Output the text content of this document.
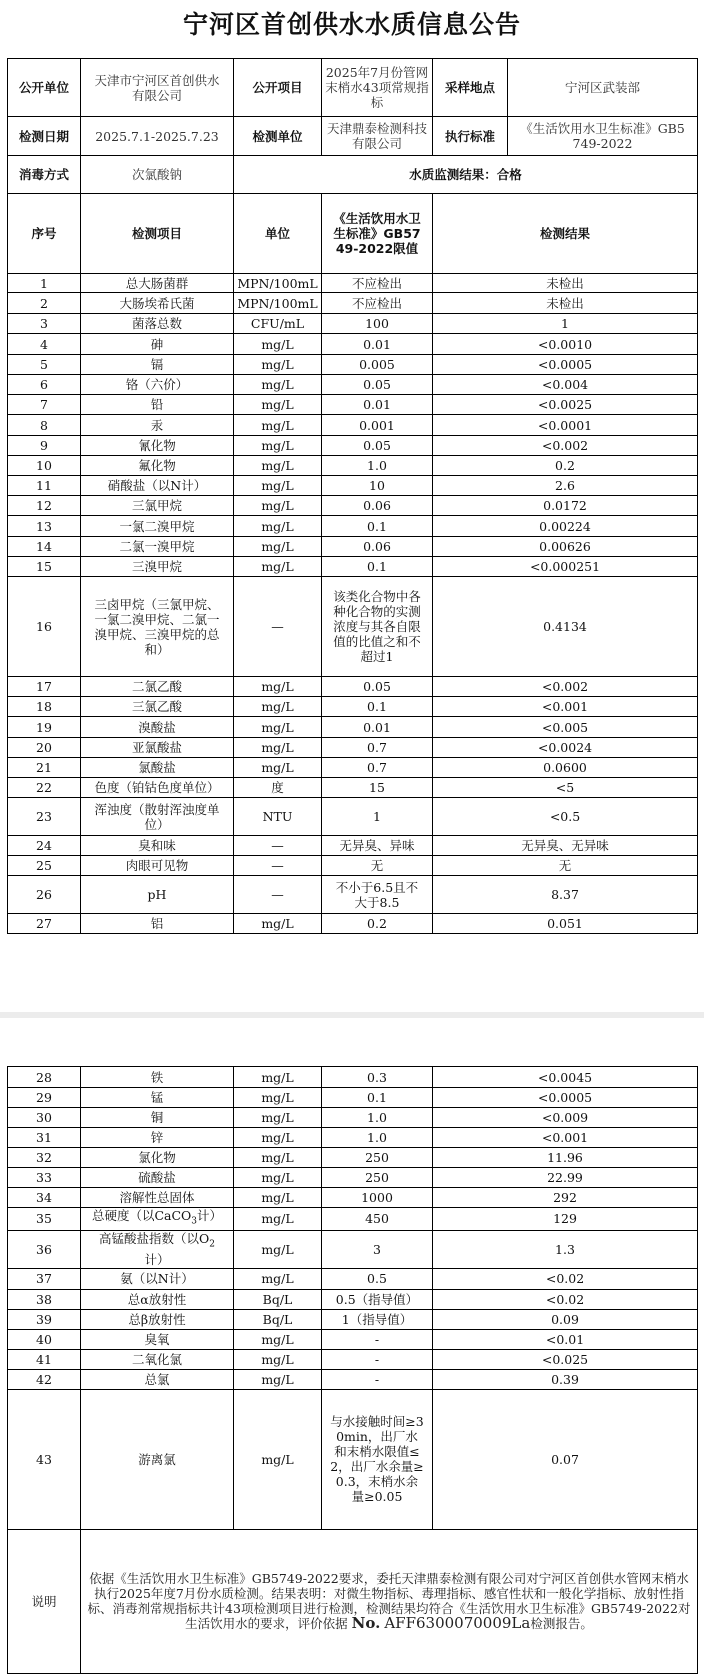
宁河区首创供水水质信息公告
公开单位	天津市宁河区首创供水有限公司	公开项目	2025年7月份管网末梢水43项常规指标	采样地点	宁河区武装部
检测日期	2025.7.1-2025.7.23	检测单位	天津鼎泰检测科技有限公司	执行标准	《生活饮用水卫生标准》GB5749-2022
消毒方式	次氯酸钠	水质监测结果：合格			
序号	检测项目	单位	《生活饮用水卫生标准》GB5749-2022限值	检测结果	
1	总大肠菌群	MPN/100mL	不应检出	未检出	
2	大肠埃希氏菌	MPN/100mL	不应检出	未检出	
3	菌落总数	CFU/mL	100	1	
4	砷	mg/L	0.01	<0.0010	
5	镉	mg/L	0.005	<0.0005	
6	铬（六价）	mg/L	0.05	<0.004	
7	铅	mg/L	0.01	<0.0025	
8	汞	mg/L	0.001	<0.0001	
9	氰化物	mg/L	0.05	<0.002	
10	氟化物	mg/L	1.0	0.2	
11	硝酸盐（以N计）	mg/L	10	2.6	
12	三氯甲烷	mg/L	0.06	0.0172	
13	一氯二溴甲烷	mg/L	0.1	0.00224	
14	二氯一溴甲烷	mg/L	0.06	0.00626	
15	三溴甲烷	mg/L	0.1	<0.000251	
16	三卤甲烷（三氯甲烷、一氯二溴甲烷、二氯一溴甲烷、三溴甲烷的总和）	—	该类化合物中各种化合物的实测浓度与其各自限值的比值之和不超过1	0.4134	
17	二氯乙酸	mg/L	0.05	<0.002	
18	三氯乙酸	mg/L	0.1	<0.001	
19	溴酸盐	mg/L	0.01	<0.005	
20	亚氯酸盐	mg/L	0.7	<0.0024	
21	氯酸盐	mg/L	0.7	0.0600	
22	色度（铂钴色度单位）	度	15	<5	
23	浑浊度（散射浑浊度单位）	NTU	1	<0.5	
24	臭和味	—	无异臭、异味	无异臭、无异味	
25	肉眼可见物	—	无	无	
26	pH	—	不小于6.5且不大于8.5	8.37	
27	铝	mg/L	0.2	0.051	
28	铁	mg/L	0.3	<0.0045
29	锰	mg/L	0.1	<0.0005
30	铜	mg/L	1.0	<0.009
31	锌	mg/L	1.0	<0.001
32	氯化物	mg/L	250	11.96
33	硫酸盐	mg/L	250	22.99
34	溶解性总固体	mg/L	1000	292
35	总硬度（以CaCO$_3$计）	mg/L	450	129
36	高锰酸盐指数（以$O_2$计）	mg/L	3	1.3
37	氨（以N计）	mg/L	0.5	<0.02
38	总α放射性	Bq/L	0.5（指导值）	<0.02
39	总β放射性	Bq/L	1（指导值）	0.09
40	臭氧	mg/L	-	<0.01
41	二氧化氯	mg/L	-	<0.025
42	总氯	mg/L	-	0.39
43	游离氯	mg/L	与水接触时间≥30min，出厂水和末梢水限值≤2，出厂水余量≥0.3，末梢水余量≥0.05	0.07
说明	依据《生活饮用水卫生标准》GB5749-2022要求，委托天津鼎泰检测有限公司对宁河区首创供水管网末梢水执行2025年度7月份水质检测。结果表明：对微生物指标、毒理指标、感官性状和一般化学指标、放射性指标、消毒剂常规指标共计43项检测项目进行检测，检测结果均符合《生活饮用水卫生标准》GB5749-2022对生活饮用水的要求，评价依据 No. AFF6300070009La检测报告。			
